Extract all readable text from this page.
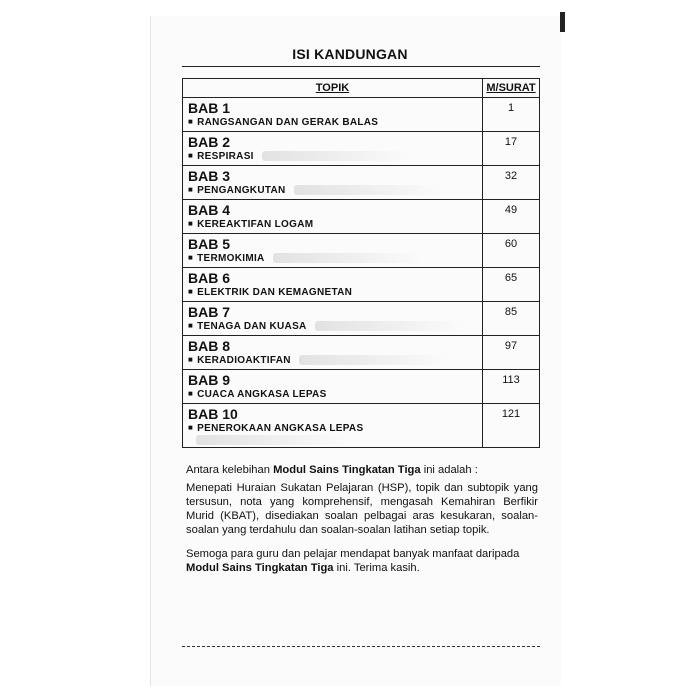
ISI KANDUNGAN
TOPIK	M/SURAT

BAB 1
■ RANGSANGAN DAN GERAK BALAS	1

BAB 2
■ RESPIRASI	17

BAB 3
■ PENGANGKUTAN	32

BAB 4
■ KEREAKTIFAN LOGAM	49

BAB 5
■ TERMOKIMIA	60

BAB 6
■ ELEKTRIK DAN KEMAGNETAN	65

BAB 7
■ TENAGA DAN KUASA	85

BAB 8
■ KERADIOAKTIFAN	97

BAB 9
■ CUACA ANGKASA LEPAS	113

BAB 10
■ PENEROKAAN ANGKASA LEPAS	121

Antara kelebihan Modul Sains Tingkatan Tiga ini adalah :

Menepati Huraian Sukatan Pelajaran (HSP), topik dan subtopik yang tersusun, nota yang komprehensif, mengasah Kemahiran Berfikir Murid (KBAT), disediakan soalan pelbagai aras kesukaran, soalan-soalan yang terdahulu dan soalan-soalan latihan setiap topik.

Semoga para guru dan pelajar mendapat banyak manfaat daripada Modul Sains Tingkatan Tiga ini. Terima kasih.
